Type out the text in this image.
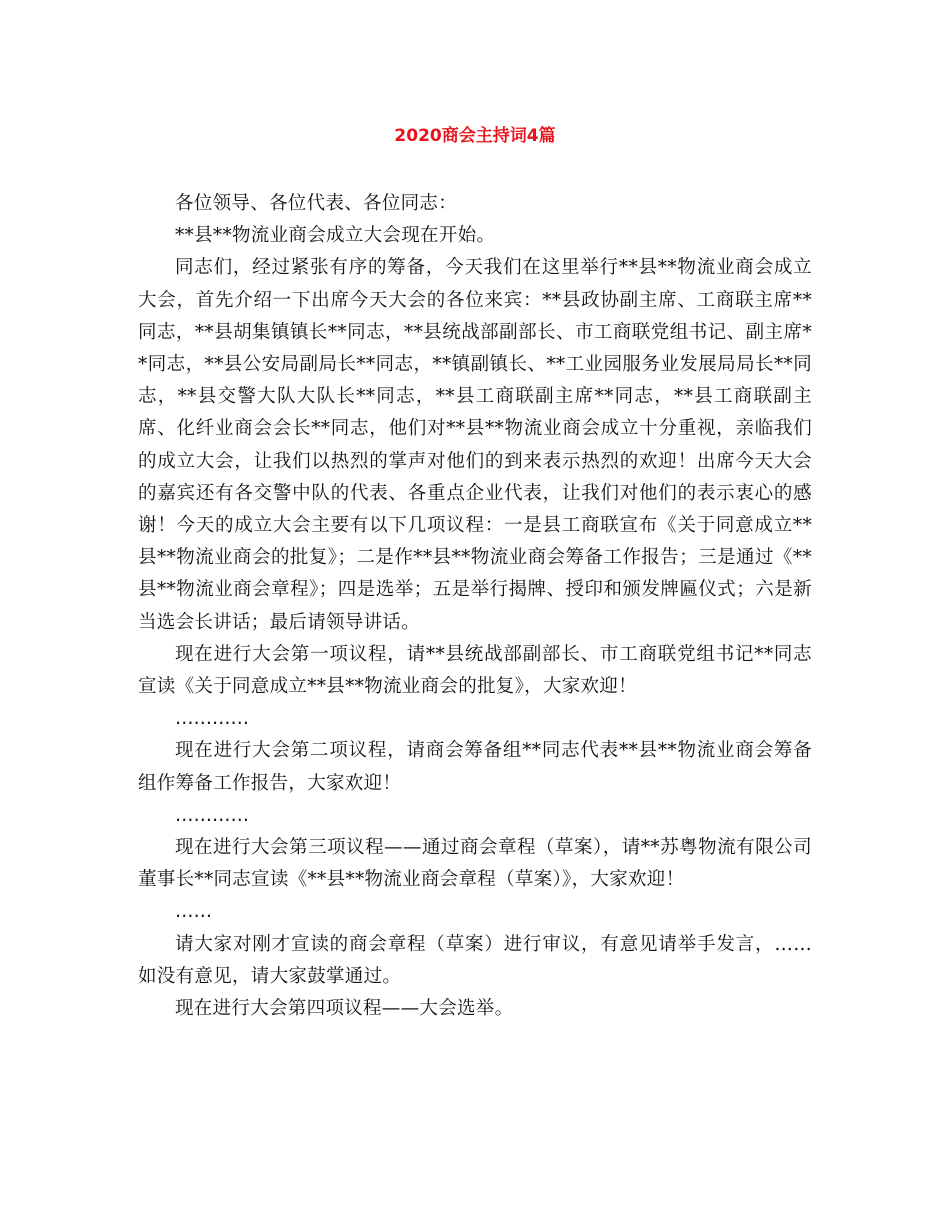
2020商会主持词4篇

各位领导、各位代表、各位同志：

**县**物流业商会成立大会现在开始。

同志们，经过紧张有序的筹备，今天我们在这里举行**县**物流业商会成立大会，首先介绍一下出席今天大会的各位来宾：**县政协副主席、工商联主席**同志，**县胡集镇镇长**同志，**县统战部副部长、市工商联党组书记、副主席**同志，**县公安局副局长**同志，**镇副镇长、**工业园服务业发展局局长**同志，**县交警大队大队长**同志，**县工商联副主席**同志，**县工商联副主席、化纤业商会会长**同志，他们对**县**物流业商会成立十分重视，亲临我们的成立大会，让我们以热烈的掌声对他们的到来表示热烈的欢迎！出席今天大会的嘉宾还有各交警中队的代表、各重点企业代表，让我们对他们的表示衷心的感谢！今天的成立大会主要有以下几项议程：一是县工商联宣布《关于同意成立**县**物流业商会的批复》；二是作**县**物流业商会筹备工作报告；三是通过《**县**物流业商会章程》；四是选举；五是举行揭牌、授印和颁发牌匾仪式；六是新当选会长讲话；最后请领导讲话。

现在进行大会第一项议程，请**县统战部副部长、市工商联党组书记**同志宣读《关于同意成立**县**物流业商会的批复》，大家欢迎！

…………

现在进行大会第二项议程，请商会筹备组**同志代表**县**物流业商会筹备组作筹备工作报告，大家欢迎！

…………

现在进行大会第三项议程——通过商会章程（草案），请**苏粤物流有限公司董事长**同志宣读《**县**物流业商会章程（草案）》，大家欢迎！

……

请大家对刚才宣读的商会章程（草案）进行审议，有意见请举手发言，……如没有意见，请大家鼓掌通过。

现在进行大会第四项议程——大会选举。
